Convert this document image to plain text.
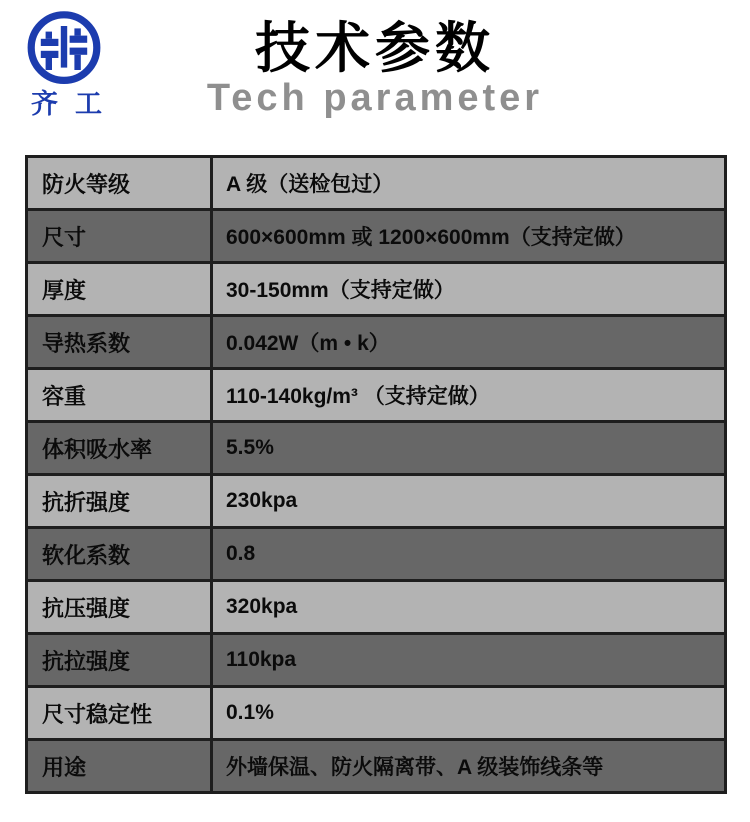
齐工
技术参数
Tech parameter
防火等级	A 级（送检包过）
尺寸	600×600mm 或 1200×600mm（支持定做）
厚度	30-150mm（支持定做）
导热系数	0.042W（m • k）
容重	110-140kg/m³ （支持定做）
体积吸水率	5.5%
抗折强度	230kpa
软化系数	0.8
抗压强度	320kpa
抗拉强度	110kpa
尺寸稳定性	0.1%
用途	外墙保温、防火隔离带、A 级装饰线条等
